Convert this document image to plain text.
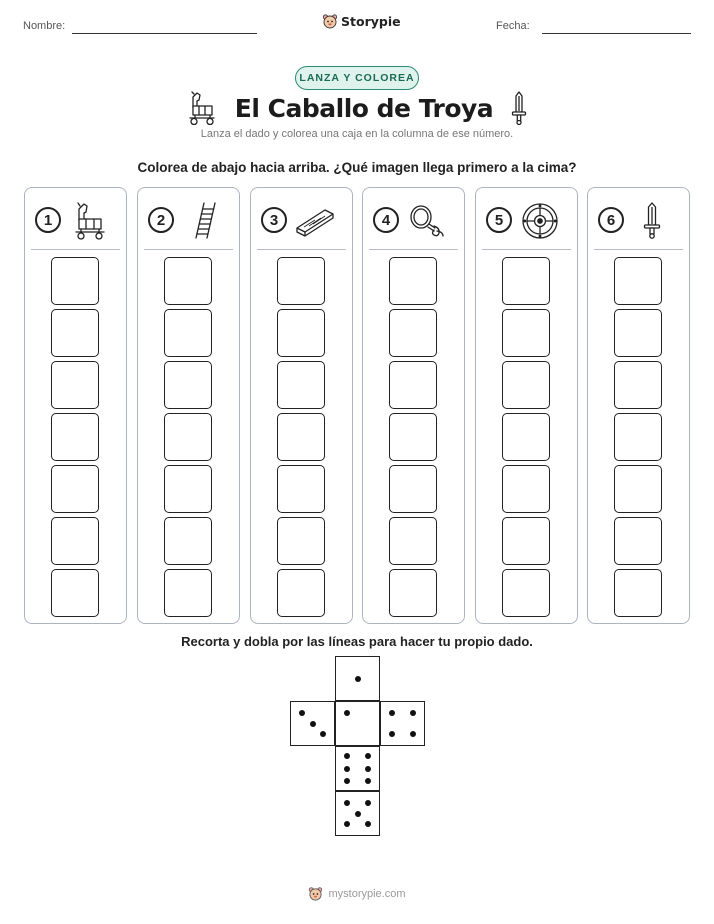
Nombre:	Storypie	Fecha:
LANZA Y COLOREA
El Caballo de Troya
Lanza el dado y colorea una caja en la columna de ese número.
Colorea de abajo hacia arriba. ¿Qué imagen llega primero a la cima?
1	2	3	4	5	6
Recorta y dobla por las líneas para hacer tu propio dado.
mystorypie.com
